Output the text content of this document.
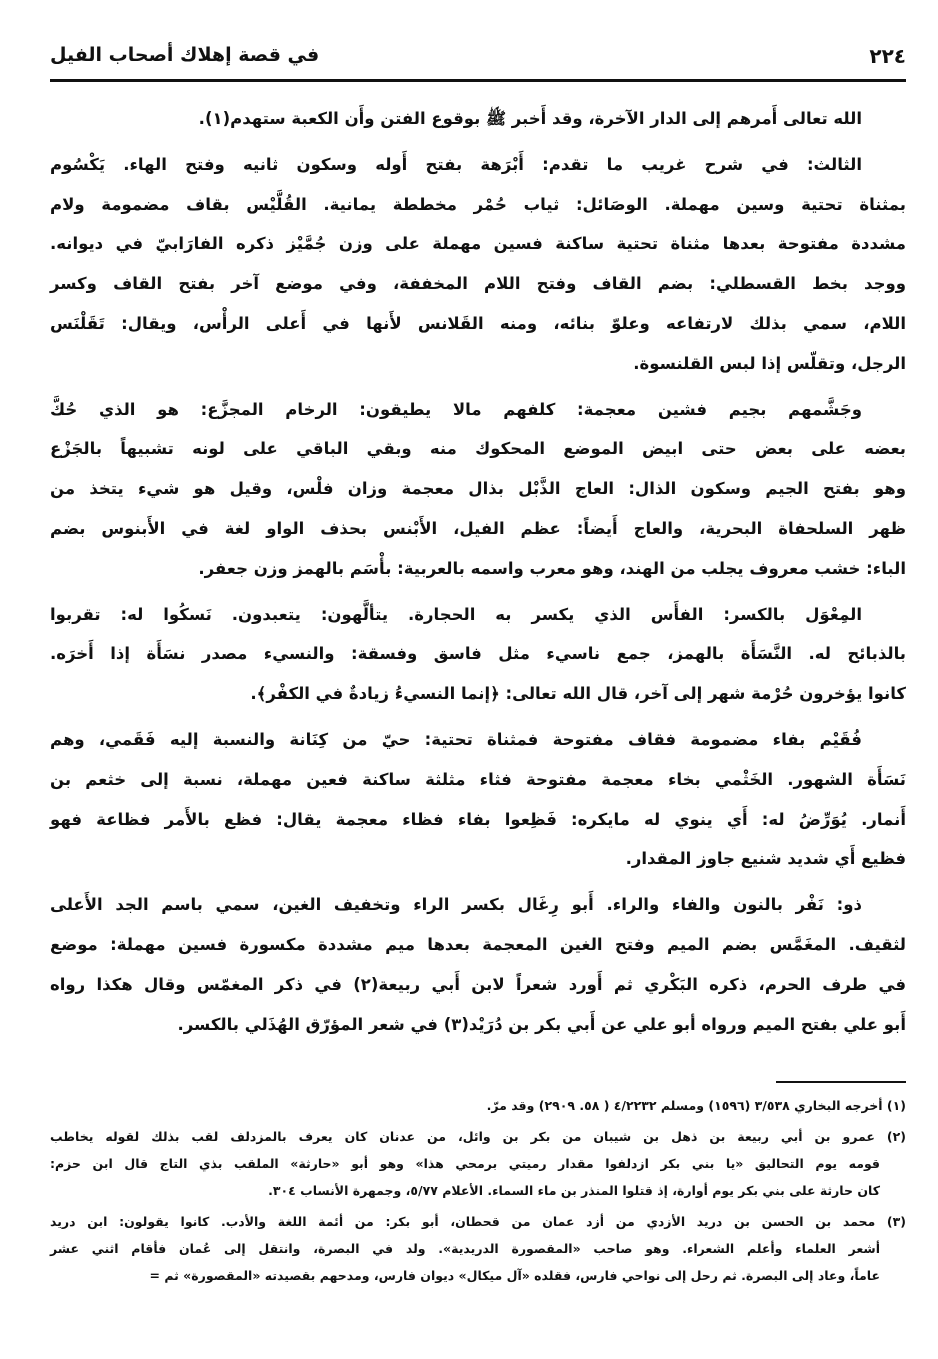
٢٢٤
في قصة إهلاك أصحاب الفيل
الله تعالى أَمرهم إلى الدار الآخرة، وقد أَخبر ﷺ بوقوع الفتن وأَن الكعبة ستهدم(١).
الثالث: في شرح غريب ما تقدم: أَبْرَهة بفتح أَوله وسكون ثانيه وفتح الهاء. يَكْسُوم
بمثناة تحتية وسين مهملة. الوصَائل: ثياب حُمْر مخططة يمانية. القُلَّيْس بقاف مضمومة ولام
مشددة مفتوحة بعدها مثناة تحتية ساكنة فسين مهملة على وزن جُمَّيْز ذكره الفارَابيّ في ديوانه.
ووجد بخط القسطلي: بضم القاف وفتح اللام المخففة، وفي موضع آخر بفتح القاف وكسر
اللام، سمي بذلك لارتفاعه وعلوّ بنائه، ومنه القَلانس لأَنها في أَعلى الرأْس، ويقال: تَقَلْنَس
الرجل، وتقلّس إذا لبس القلنسوة.
وجَشَّمهم بجيم فشين معجمة: كلفهم مالا يطيقون: الرخام المجزَّع: هو الذي حُكَّ
بعضه على بعض حتى ابيض الموضع المحكوك منه وبقي الباقي على لونه تشبيهاً بالجَزْع
وهو بفتح الجيم وسكون الذال: العاج الذَّبْل بذال معجمة وزان فلْس، وقيل هو شيء يتخذ من
ظهر السلحفاة البحرية، والعاج أَيضاً: عظم الفيل، الأَبْنس بحذف الواو لغة في الأَبنوس بضم
الباء: خشب معروف يجلب من الهند، وهو معرب واسمه بالعربية: بأْسَم بالهمز وزن جعفر.
المِعْوَل بالكسر: الفأَس الذي يكسر به الحجارة. يتألَّهون: يتعبدون. نَسكُوا له: تقربوا
بالذبائح له. النَّسَأَة بالهمز، جمع ناسيء مثل فاسق وفسقة: والنسيء مصدر نسَأَة إذا أَخرَه.
كانوا يؤخرون حُرْمة شهر إلى آخر، قال الله تعالى: ﴿إنما النسيءُ زيادةٌ في الكفْر﴾.
فُقَيْم بفاء مضمومة فقاف مفتوحة فمثناة تحتية: حيّ من كِنَانة والنسبة إليه فَقَمي، وهم
نَسَأَة الشهور. الخَثْمي بخاء معجمة مفتوحة فثاء مثلثة ساكنة فعين مهملة، نسبة إلى خثعم بن
أَنمار. يُوَرِّضُ له: أَي ينوي له مايكره: فَظِعوا بفاء فظاء معجمة يقال: فظع بالأَمر فظاعة فهو
فظيع أَي شديد شنيع جاوز المقدار.
ذو: نَفْر بالنون والفاء والراء. أَبو رِغَال بكسر الراء وتخفيف الغين، سمي باسم الجد الأَعلى
لثقيف. المغَمَّس بضم الميم وفتح الغين المعجمة بعدها ميم مشددة مكسورة فسين مهملة: موضع
في طرف الحرم، ذكره البَكْري ثم أَورد شعراً لابن أَبي ربيعة(٢) في ذكر المغمّس وقال هكذا رواه
أَبو علي بفتح الميم ورواه أبو علي عن أَبي بكر بن دُرَيْد(٣) في شعر المؤرّق الهُذَلي بالكسر.
(١) أخرجه البخاري ٣/٥٣٨ (١٥٩٦) ومسلم ٤/٢٢٣٢ ( ٥٨. ٢٩٠٩) وقد مرّ.
(٢) عمرو بن أبي ربيعة بن ذهل بن شيبان من بكر بن وائل، من عدنان كان يعرف بالمزدلف لقب بذلك لقوله يخاطب
قومه يوم التحاليق «يا بني بكر ازدلفوا مقدار رميتي برمحي هذا» وهو أبو «حارثة» الملقب بذي التاج قال ابن حزم:
كان حارثة على بني بكر يوم أوارة، إذ قتلوا المنذر بن ماء السماء. الأعلام ٥/٧٧، وجمهرة الأنساب ٣٠٤.
(٣) محمد بن الحسن بن دريد الأزدي من أزد عمان من قحطان، أبو بكر: من أئمة اللغة والأدب. كانوا يقولون: ابن دريد
أشعر العلماء وأعلم الشعراء. وهو صاحب «المقصورة الدريدية». ولد في البصرة، وانتقل إلى عُمان فأقام اثني عشر
عاماً، وعاد إلى البصرة. ثم رحل إلى نواحي فارس، فقلده «آل ميكال» ديوان فارس، ومدحهم بقصيدته «المقصورة» ثم =
